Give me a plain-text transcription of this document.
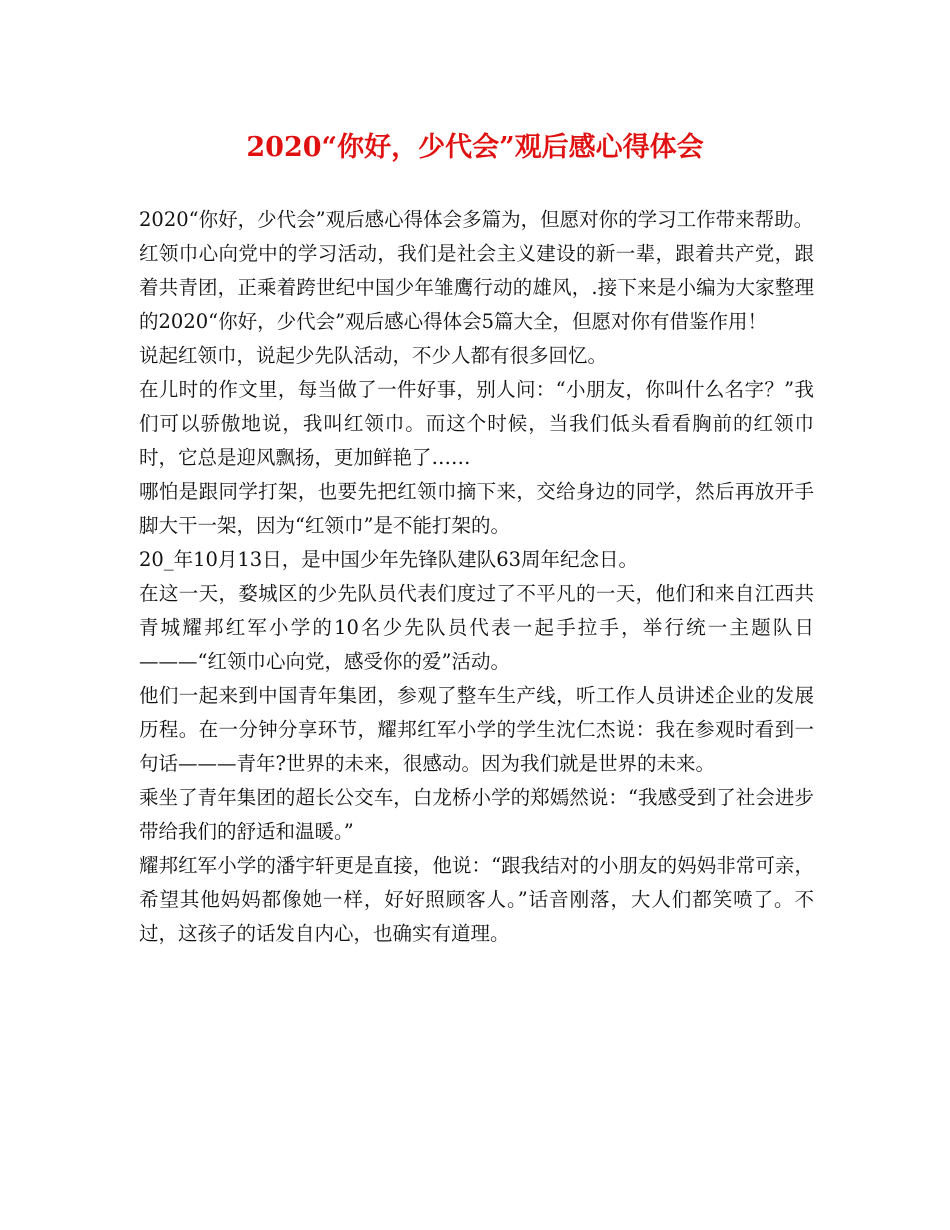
2020“你好，少代会”观后感心得体会

2020“你好，少代会”观后感心得体会多篇为，但愿对你的学习工作带来帮助。

红领巾心向党中的学习活动，我们是社会主义建设的新一辈，跟着共产党，跟着共青团，正乘着跨世纪中国少年雏鹰行动的雄风，.接下来是小编为大家整理的2020“你好，少代会”观后感心得体会5篇大全，但愿对你有借鉴作用！

说起红领巾，说起少先队活动，不少人都有很多回忆。

在儿时的作文里，每当做了一件好事，别人问：“小朋友，你叫什么名字？”我们可以骄傲地说，我叫红领巾。而这个时候，当我们低头看看胸前的红领巾时，它总是迎风飘扬，更加鲜艳了……

哪怕是跟同学打架，也要先把红领巾摘下来，交给身边的同学，然后再放开手脚大干一架，因为“红领巾”是不能打架的。

20_年10月13日，是中国少年先锋队建队63周年纪念日。

在这一天，婺城区的少先队员代表们度过了不平凡的一天，他们和来自江西共青城耀邦红军小学的10名少先队员代表一起手拉手，举行统一主题队日———“红领巾心向党，感受你的爱”活动。

他们一起来到中国青年集团，参观了整车生产线，听工作人员讲述企业的发展历程。在一分钟分享环节，耀邦红军小学的学生沈仁杰说：我在参观时看到一句话———青年?世界的未来，很感动。因为我们就是世界的未来。

乘坐了青年集团的超长公交车，白龙桥小学的郑嫣然说：“我感受到了社会进步带给我们的舒适和温暖。”

耀邦红军小学的潘宇轩更是直接，他说：“跟我结对的小朋友的妈妈非常可亲，希望其他妈妈都像她一样，好好照顾客人。”话音刚落，大人们都笑喷了。不过，这孩子的话发自内心，也确实有道理。
